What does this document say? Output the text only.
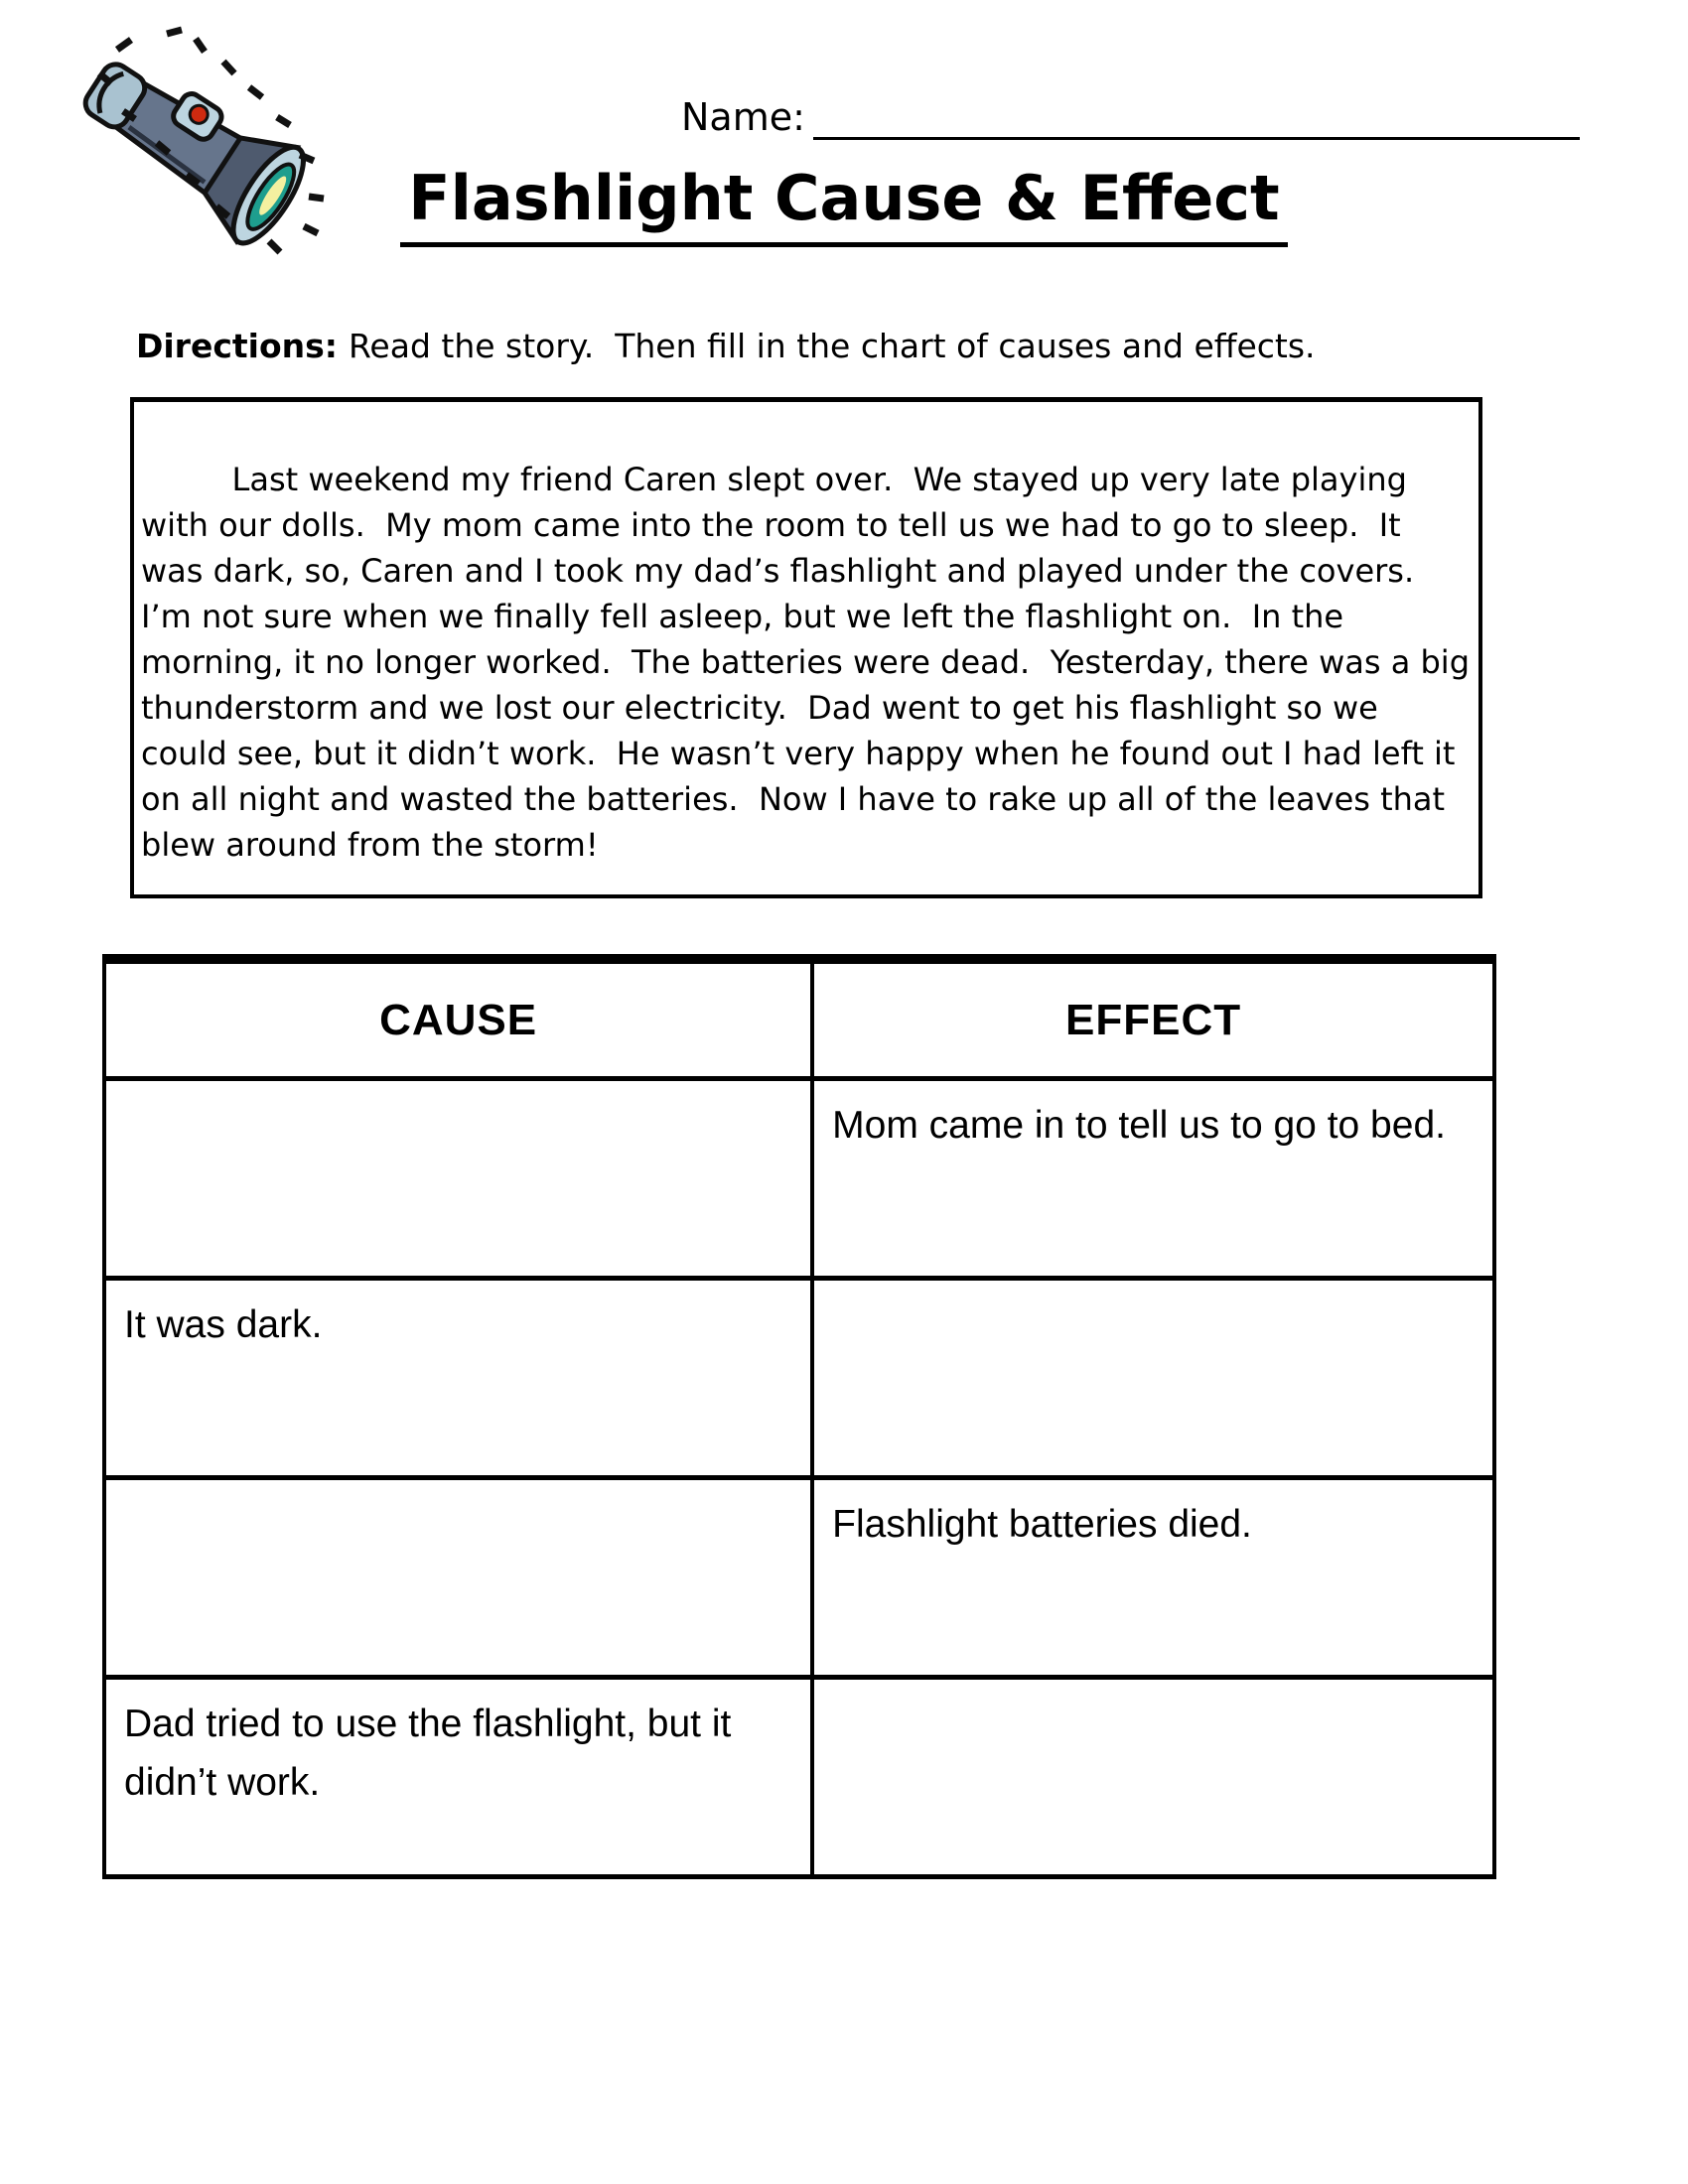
Name:
Flashlight Cause & Effect

Directions: Read the story.  Then fill in the chart of causes and effects.

Last weekend my friend Caren slept over.  We stayed up very late playing with our dolls.  My mom came into the room to tell us we had to go to sleep.  It was dark, so, Caren and I took my dad’s flashlight and played under the covers.  I’m not sure when we finally fell asleep, but we left the flashlight on.  In the morning, it no longer worked.  The batteries were dead.  Yesterday, there was a big thunderstorm and we lost our electricity.  Dad went to get his flashlight so we could see, but it didn’t work.  He wasn’t very happy when he found out I had left it on all night and wasted the batteries.  Now I have to rake up all of the leaves that blew around from the storm!

CAUSE	EFFECT
Mom came in to tell us to go to bed.
It was dark.
Flashlight batteries died.
Dad tried to use the flashlight, but it didn’t work.
